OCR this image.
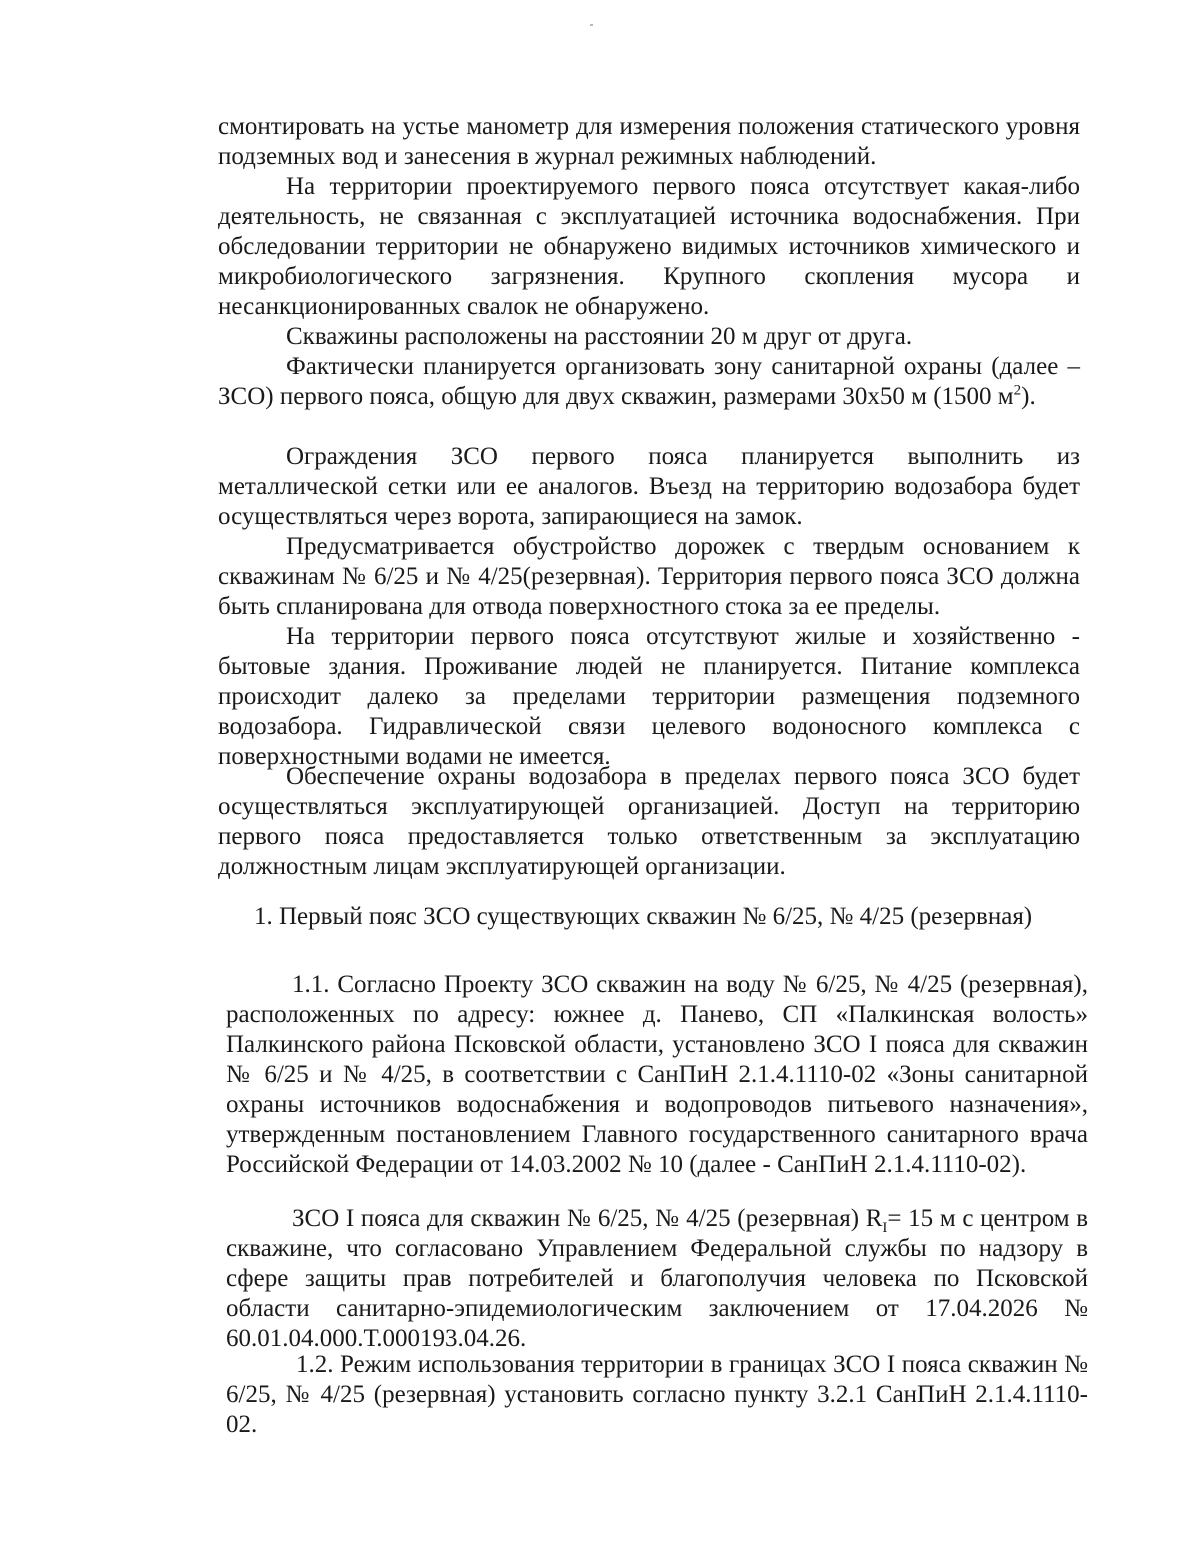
смонтировать на устье манометр для измерения положения статического уровня подземных вод и занесения в журнал режимных наблюдений.

На территории проектируемого первого пояса отсутствует какая-либо деятельность, не связанная с эксплуатацией источника водоснабжения. При обследовании территории не обнаружено видимых источников химического и микробиологического загрязнения. Крупного скопления мусора и несанкционированных свалок не обнаружено.

Скважины расположены на расстоянии 20 м друг от друга.

Фактически планируется организовать зону санитарной охраны (далее – ЗСО) первого пояса, общую для двух скважин, размерами 30х50 м (1500 $м^2$).

Ограждения ЗСО первого пояса планируется выполнить из металлической сетки или ее аналогов. Въезд на территорию водозабора будет осуществляться через ворота, запирающиеся на замок.

Предусматривается обустройство дорожек с твердым основанием к скважинам № 6/25 и № 4/25(резервная). Территория первого пояса ЗСО должна быть спланирована для отвода поверхностного стока за ее пределы.

На территории первого пояса отсутствуют жилые и хозяйственно - бытовые здания. Проживание людей не планируется. Питание комплекса происходит далеко за пределами территории размещения подземного водозабора. Гидравлической связи целевого водоносного комплекса с поверхностными водами не имеется.

Обеспечение охраны водозабора в пределах первого пояса ЗСО будет осуществляться эксплуатирующей организацией. Доступ на территорию первого пояса предоставляется только ответственным за эксплуатацию должностным лицам эксплуатирующей организации.

1. Первый пояс ЗСО существующих скважин № 6/25, № 4/25 (резервная)

1.1. Согласно Проекту ЗСО скважин на воду № 6/25, № 4/25 (резервная), расположенных по адресу: южнее д. Панево, СП «Палкинская волость» Палкинского района Псковской области, установлено ЗСО I пояса для скважин № 6/25 и № 4/25, в соответствии с СанПиН 2.1.4.1110-02 «Зоны санитарной охраны источников водоснабжения и водопроводов питьевого назначения», утвержденным постановлением Главного государственного санитарного врача Российской Федерации от 14.03.2002 № 10 (далее - СанПиН 2.1.4.1110-02).

ЗСО I пояса для скважин № 6/25, № 4/25 (резервная) $R_I= 15$ м с центром в скважине, что согласовано Управлением Федеральной службы по надзору в сфере защиты прав потребителей и благополучия человека по Псковской области санитарно-эпидемиологическим заключением от 17.04.2026 № 60.01.04.000.Т.000193.04.26.

1.2. Режим использования территории в границах ЗСО I пояса скважин № 6/25, № 4/25 (резервная) установить согласно пункту 3.2.1 СанПиН 2.1.4.1110-02.
